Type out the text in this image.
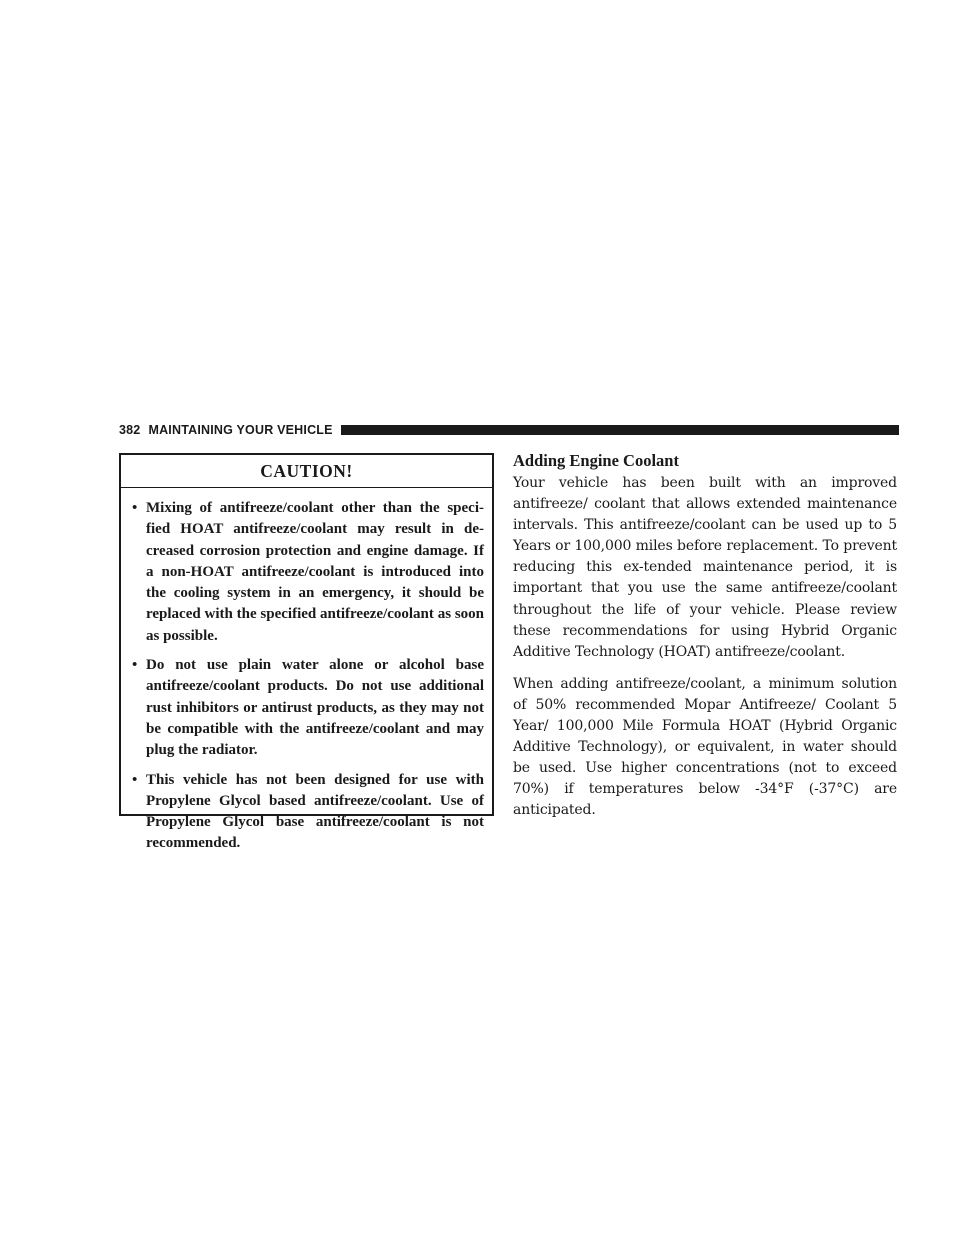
382 MAINTAINING YOUR VEHICLE
CAUTION!
• Mixing of antifreeze/coolant other than the speci-fied HOAT antifreeze/coolant may result in de-creased corrosion protection and engine damage. If a non-HOAT antifreeze/coolant is introduced into the cooling system in an emergency, it should be replaced with the specified antifreeze/coolant as soon as possible.
• Do not use plain water alone or alcohol base antifreeze/coolant products. Do not use additional rust inhibitors or antirust products, as they may not be compatible with the antifreeze/coolant and may plug the radiator.
• This vehicle has not been designed for use with Propylene Glycol based antifreeze/coolant. Use of Propylene Glycol base antifreeze/coolant is not recommended.
Adding Engine Coolant

Your vehicle has been built with an improved antifreeze/ coolant that allows extended maintenance intervals. This antifreeze/coolant can be used up to 5 Years or 100,000 miles before replacement. To prevent reducing this ex-tended maintenance period, it is important that you use the same antifreeze/coolant throughout the life of your vehicle. Please review these recommendations for using Hybrid Organic Additive Technology (HOAT) antifreeze/coolant.

When adding antifreeze/coolant, a minimum solution of 50% recommended Mopar Antifreeze/ Coolant 5 Year/ 100,000 Mile Formula HOAT (Hybrid Organic Additive Technology), or equivalent, in water should be used. Use higher concentrations (not to exceed 70%) if temperatures below -34°F (-37°C) are anticipated.
